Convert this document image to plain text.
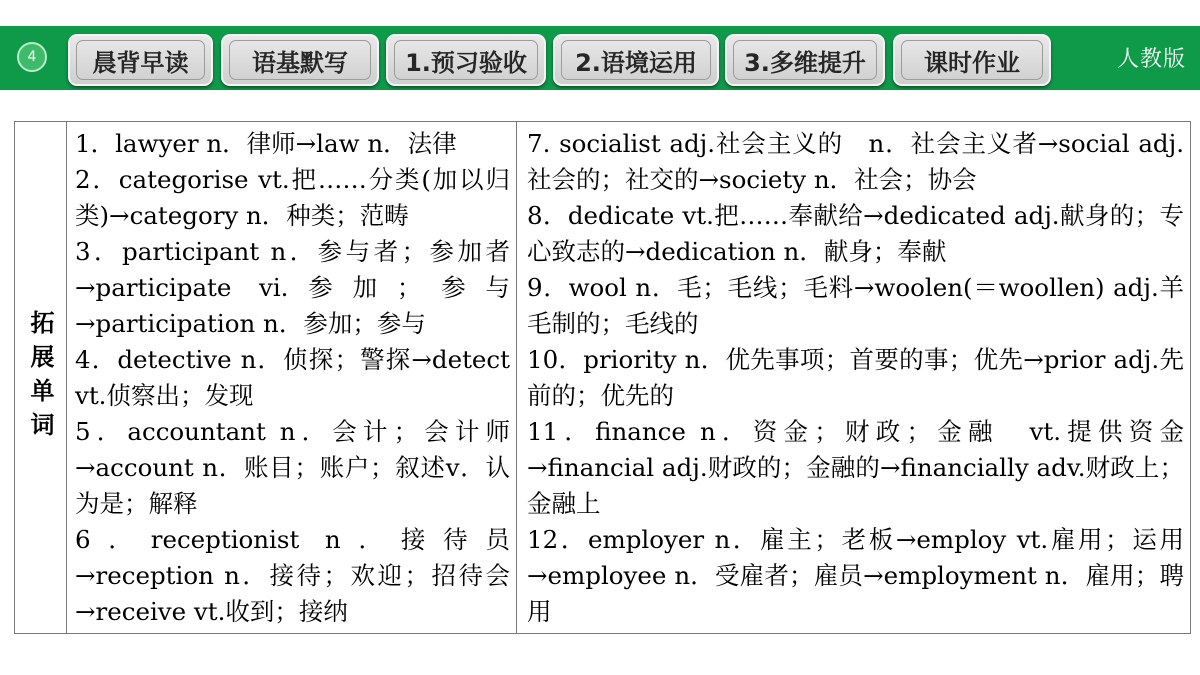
4	晨背早读	语基默写	1.预习验收	2.语境运用	3.多维提升	课时作业	人教版
拓展单词
1．lawyer n．律师→law n．法律
2．categorise vt.把……分类(加以归类)→category n．种类；范畴
3．participant n．参与者；参加者→participate vi.参加；参与→participation n．参加；参与
4．detective n．侦探；警探→detect vt.侦察出；发现
5．accountant n．会计；会计师→account n．账目；账户；叙述v．认为是；解释
6．receptionist n．接待员→reception n．接待；欢迎；招待会→receive vt.收到；接纳
7. socialist adj.社会主义的　n．社会主义者→social adj.社会的；社交的→society n．社会；协会
8．dedicate vt.把……奉献给→dedicated adj.献身的；专心致志的→dedication n．献身；奉献
9．wool n．毛；毛线；毛料→woolen(＝woollen) adj.羊毛制的；毛线的
10．priority n．优先事项；首要的事；优先→prior adj.先前的；优先的
11．finance n．资金；财政；金融　vt.提供资金→financial adj.财政的；金融的→financially adv.财政上；金融上
12．employer n．雇主；老板→employ vt.雇用；运用→employee n．受雇者；雇员→employment n．雇用；聘用
